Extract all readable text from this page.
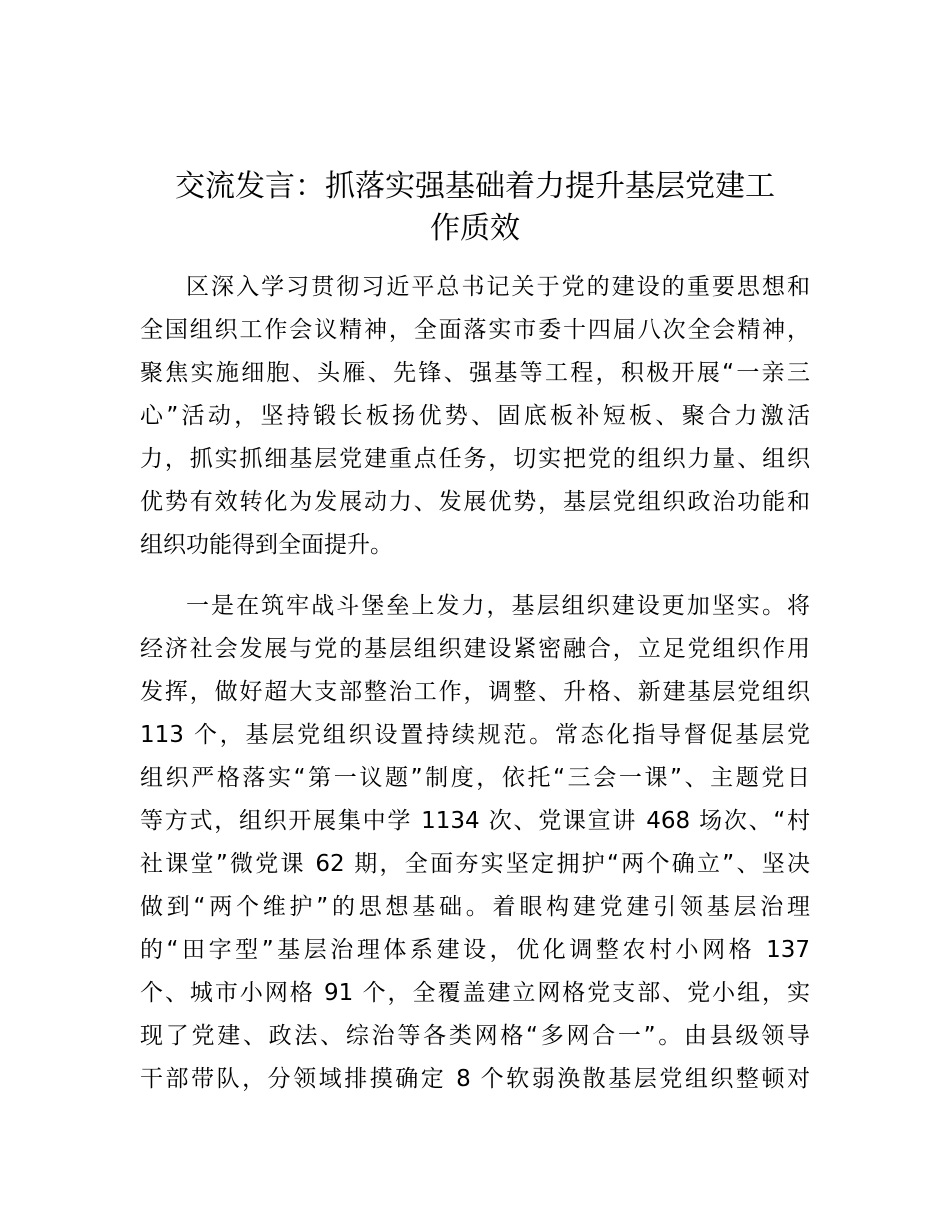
交流发言：抓落实强基础着力提升基层党建工
作质效
区深入学习贯彻习近平总书记关于党的建设的重要思想和
全国组织工作会议精神，全面落实市委十四届八次全会精神，
聚焦实施细胞、头雁、先锋、强基等工程，积极开展“一亲三
心”活动，坚持锻长板扬优势、固底板补短板、聚合力激活
力，抓实抓细基层党建重点任务，切实把党的组织力量、组织
优势有效转化为发展动力、发展优势，基层党组织政治功能和
组织功能得到全面提升。
一是在筑牢战斗堡垒上发力，基层组织建设更加坚实。将
经济社会发展与党的基层组织建设紧密融合，立足党组织作用
发挥，做好超大支部整治工作，调整、升格、新建基层党组织
113 个，基层党组织设置持续规范。常态化指导督促基层党
组织严格落实“第一议题”制度，依托“三会一课”、主题党日
等方式，组织开展集中学 1134 次、党课宣讲 468 场次、“村
社课堂”微党课 62 期，全面夯实坚定拥护“两个确立”、坚决
做到“两个维护”的思想基础。着眼构建党建引领基层治理
的“田字型”基层治理体系建设，优化调整农村小网格 137
个、城市小网格 91 个，全覆盖建立网格党支部、党小组，实
现了党建、政法、综治等各类网格“多网合一”。由县级领导
干部带队，分领域排摸确定 8 个软弱涣散基层党组织整顿对
